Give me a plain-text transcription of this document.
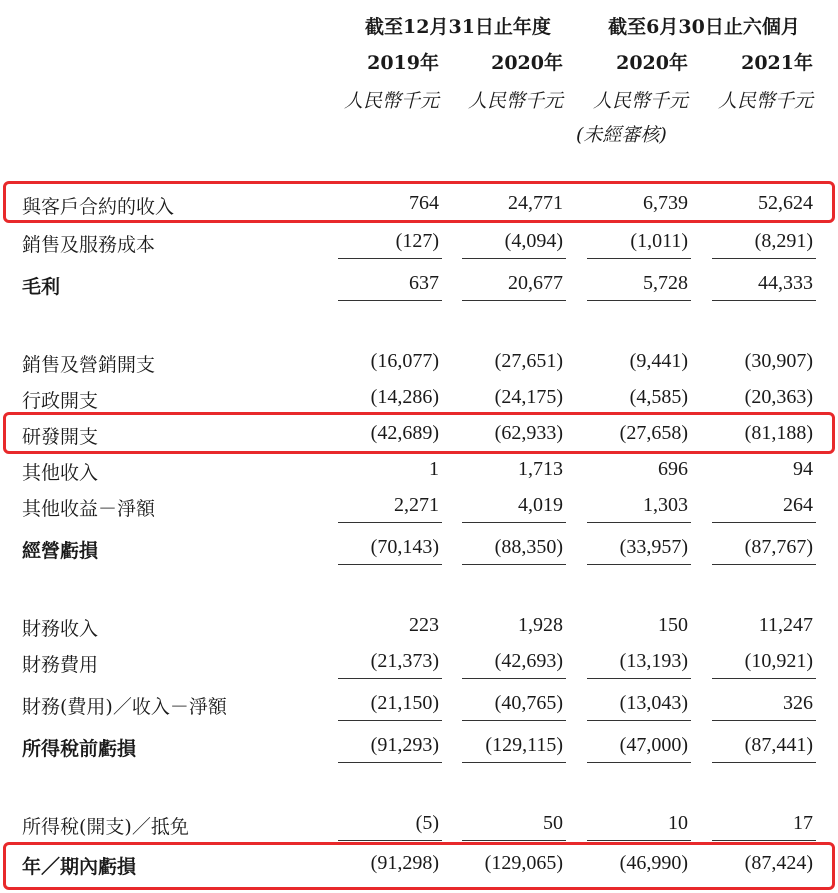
截至12月31日止年度	截至6月30日止六個月
2019年	2020年	2020年	2021年
人民幣千元 人民幣千元 人民幣千元 人民幣千元
(未經審核)
與客戶合約的收入	764	24,771	6,739	52,624
銷售及服務成本	(127)	(4,094)	(1,011)	(8,291)
毛利	637	20,677	5,728	44,333
銷售及營銷開支	(16,077)	(27,651)	(9,441)	(30,907)
行政開支	(14,286)	(24,175)	(4,585)	(20,363)
研發開支	(42,689)	(62,933)	(27,658)	(81,188)
其他收入	1	1,713	696	94
其他收益－淨額	2,271	4,019	1,303	264
經營虧損	(70,143)	(88,350)	(33,957)	(87,767)
財務收入	223	1,928	150	11,247
財務費用	(21,373)	(42,693)	(13,193)	(10,921)
財務(費用)／收入－淨額	(21,150)	(40,765)	(13,043)	326
所得稅前虧損	(91,293) (129,115)	(47,000)	(87,441)
所得稅(開支)／抵免	(5)	50	10	17
年／期內虧損	(91,298) (129,065)	(46,990)	(87,424)
